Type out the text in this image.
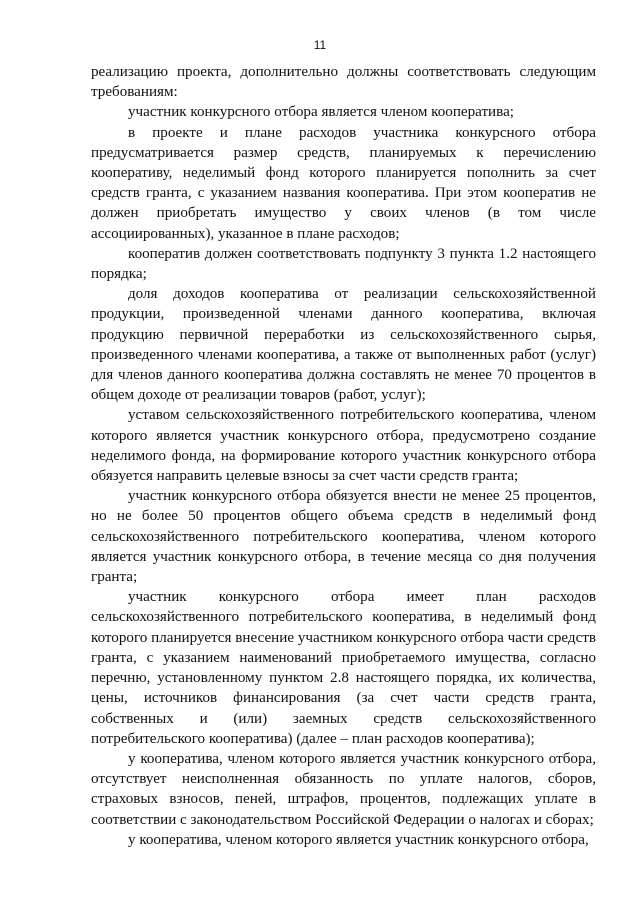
11

реализацию проекта, дополнительно должны соответствовать следующим требованиям:

участник конкурсного отбора является членом кооператива;

в проекте и плане расходов участника конкурсного отбора предусматривается размер средств, планируемых к перечислению кооперативу, неделимый фонд которого планируется пополнить за счет средств гранта, с указанием названия кооператива. При этом кооператив не должен приобретать имущество у своих членов (в том числе ассоциированных), указанное в плане расходов;

кооператив должен соответствовать подпункту 3 пункта 1.2 настоящего порядка;

доля доходов кооператива от реализации сельскохозяйственной продукции, произведенной членами данного кооператива, включая продукцию первичной переработки из сельскохозяйственного сырья, произведенного членами кооператива, а также от выполненных работ (услуг) для членов данного кооператива должна составлять не менее 70 процентов в общем доходе от реализации товаров (работ, услуг);

уставом сельскохозяйственного потребительского кооператива, членом которого является участник конкурсного отбора, предусмотрено создание неделимого фонда, на формирование которого участник конкурсного отбора обязуется направить целевые взносы за счет части средств гранта;

участник конкурсного отбора обязуется внести не менее 25 процентов, но не более 50 процентов общего объема средств в неделимый фонд сельскохозяйственного потребительского кооператива, членом которого является участник конкурсного отбора, в течение месяца со дня получения гранта;

участник конкурсного отбора имеет план расходов сельскохозяйственного потребительского кооператива, в неделимый фонд которого планируется внесение участником конкурсного отбора части средств гранта, с указанием наименований приобретаемого имущества, согласно перечню, установленному пунктом 2.8 настоящего порядка, их количества, цены, источников финансирования (за счет части средств гранта, собственных и (или) заемных средств сельскохозяйственного потребительского кооператива) (далее – план расходов кооператива);

у кооператива, членом которого является участник конкурсного отбора, отсутствует неисполненная обязанность по уплате налогов, сборов, страховых взносов, пеней, штрафов, процентов, подлежащих уплате в соответствии с законодательством Российской Федерации о налогах и сборах;

у кооператива, членом которого является участник конкурсного отбора,
